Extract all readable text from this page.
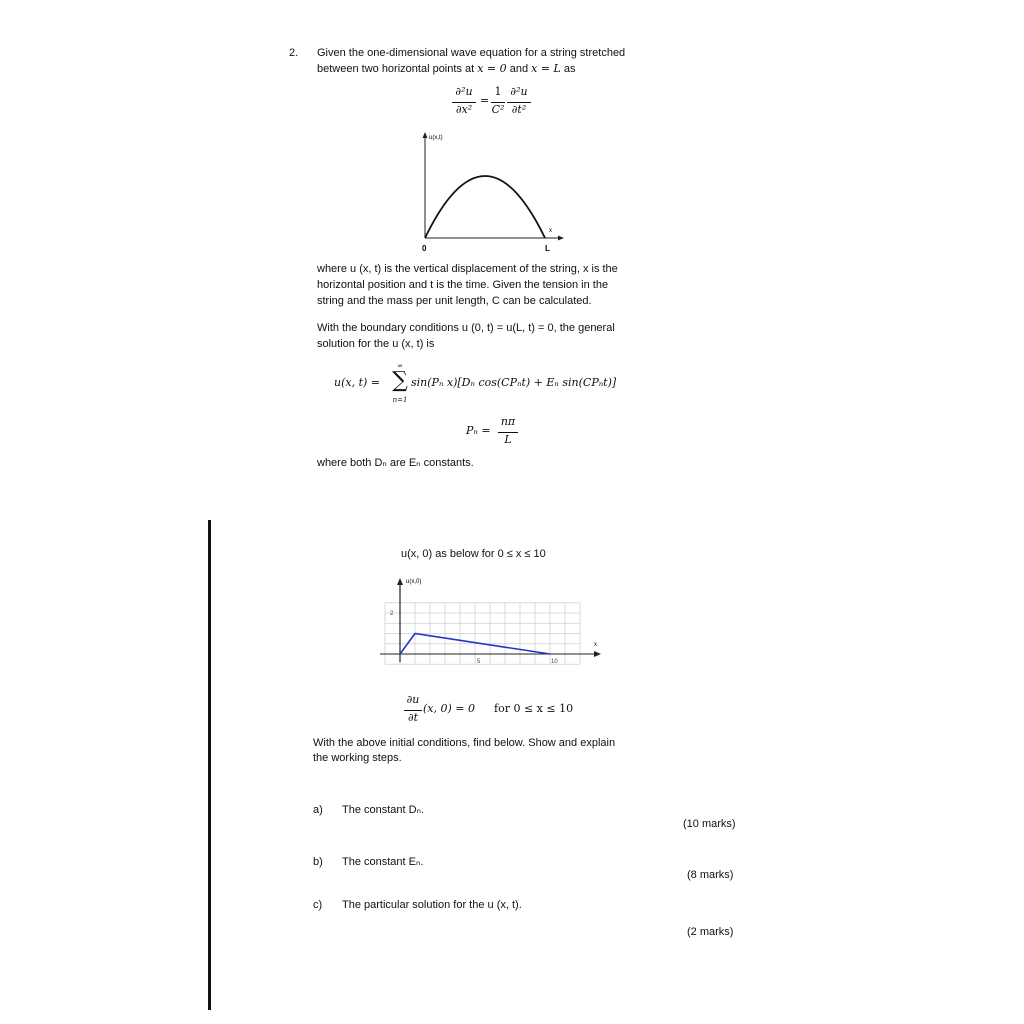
2. Given the one-dimensional wave equation for a string stretched
between two horizontal points at x = 0 and x = L as
∂²u
∂x²
=
1
C²
∂²u
∂t²
u(x,t)
x
0	L
where u (x, t) is the vertical displacement of the string, x is the
horizontal position and t is the time. Given the tension in the
string and the mass per unit length, C can be calculated.
With the boundary conditions u (0, t) = u(L, t) = 0, the general
solution for the u (x, t) is
u(x, t) =
∞
∑
n=1
sin(Pₙ x)[Dₙ cos(CPₙt) + Eₙ sin(CPₙt)]
Pₙ =
nπ
L
where both Dₙ are Eₙ constants.
u(x, 0) as below for 0 ≤ x ≤ 10
u(x,0)
x
2
5	10
∂u
∂t
(x, 0) = 0 for 0 ≤ x ≤ 10
With the above initial conditions, find below. Show and explain
the working steps.
a) The constant Dₙ.
(10 marks)
b) The constant Eₙ.
(8 marks)
c) The particular solution for the u (x, t).
(2 marks)
